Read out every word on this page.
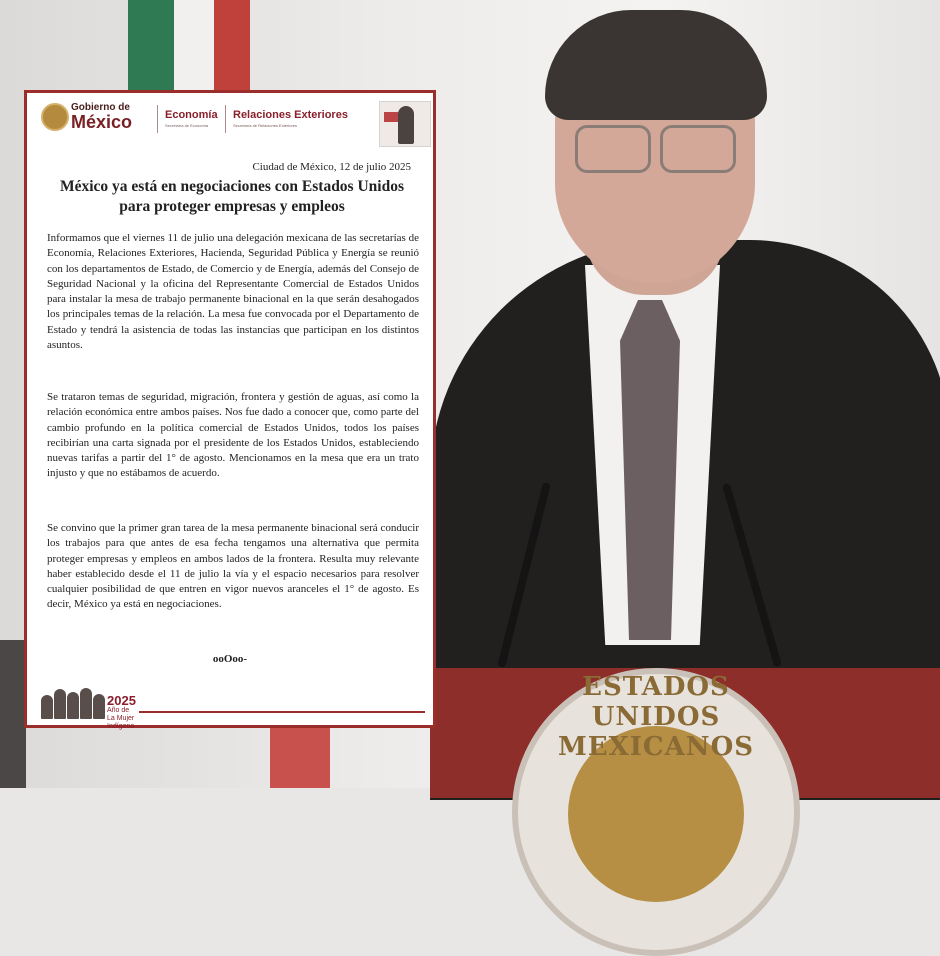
ESTADOS UNIDOS MEXICANOS
Gobierno de
México	Economía
Secretaría de Economía
Relaciones Exteriores
Secretaría de Relaciones Exteriores
Ciudad de México, 12 de julio 2025
México ya está en negociaciones con Estados Unidos para proteger empresas y empleos

Informamos que el viernes 11 de julio una delegación mexicana de las secretarías de Economía, Relaciones Exteriores, Hacienda, Seguridad Pública y Energía se reunió con los departamentos de Estado, de Comercio y de Energía, además del Consejo de Seguridad Nacional y la oficina del Representante Comercial de Estados Unidos para instalar la mesa de trabajo permanente binacional en la que serán desahogados los principales temas de la relación. La mesa fue convocada por el Departamento de Estado y tendrá la asistencia de todas las instancias que participan en los distintos asuntos.

Se trataron temas de seguridad, migración, frontera y gestión de aguas, así como la relación económica entre ambos países. Nos fue dado a conocer que, como parte del cambio profundo en la política comercial de Estados Unidos, todos los países recibirían una carta signada por el presidente de los Estados Unidos, estableciendo nuevas tarifas a partir del 1° de agosto. Mencionamos en la mesa que era un trato injusto y que no estábamos de acuerdo.

Se convino que la primer gran tarea de la mesa permanente binacional será conducir los trabajos para que antes de esa fecha tengamos una alternativa que permita proteger empresas y empleos en ambos lados de la frontera. Resulta muy relevante haber establecido desde el 11 de julio la vía y el espacio necesarios para resolver cualquier posibilidad de que entren en vigor nuevos aranceles el 1° de agosto. Es decir, México ya está en negociaciones.

ooOoo-
2025
Año de
La Mujer
Indígena
